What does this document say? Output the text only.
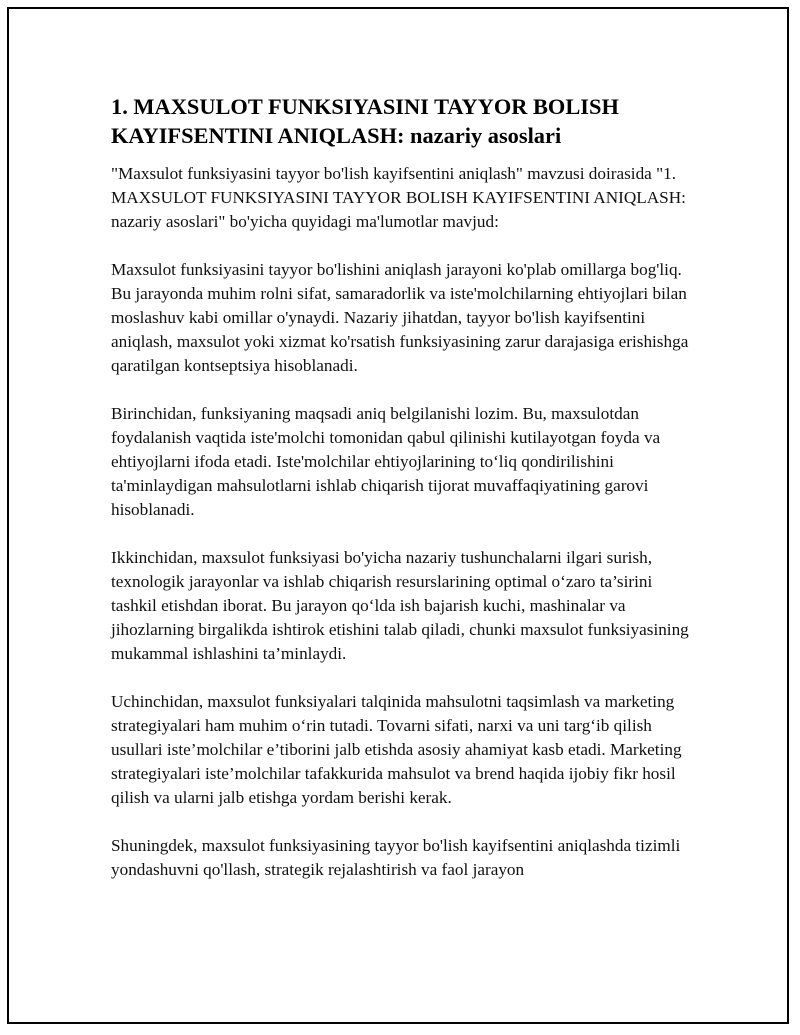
1. MAXSULOT FUNKSIYASINI TAYYOR BOLISH KAYIFSENTINI ANIQLASH: nazariy asoslari

"Maxsulot funksiyasini tayyor bo'lish kayifsentini aniqlash" mavzusi doirasida "1. MAXSULOT FUNKSIYASINI TAYYOR BOLISH KAYIFSENTINI ANIQLASH: nazariy asoslari" bo'yicha quyidagi ma'lumotlar mavjud:

Maxsulot funksiyasini tayyor bo'lishini aniqlash jarayoni ko'plab omillarga bog'liq. Bu jarayonda muhim rolni sifat, samaradorlik va iste'molchilarning ehtiyojlari bilan moslashuv kabi omillar o'ynaydi. Nazariy jihatdan, tayyor bo'lish kayifsentini aniqlash, maxsulot yoki xizmat ko'rsatish funksiyasining zarur darajasiga erishishga qaratilgan kontseptsiya hisoblanadi.

Birinchidan, funksiyaning maqsadi aniq belgilanishi lozim. Bu, maxsulotdan foydalanish vaqtida iste'molchi tomonidan qabul qilinishi kutilayotgan foyda va ehtiyojlarni ifoda etadi. Iste'molchilar ehtiyojlarining to‘liq qondirilishini ta'minlaydigan mahsulotlarni ishlab chiqarish tijorat muvaffaqiyatining garovi hisoblanadi.

Ikkinchidan, maxsulot funksiyasi bo'yicha nazariy tushunchalarni ilgari surish, texnologik jarayonlar va ishlab chiqarish resurslarining optimal o‘zaro ta’sirini tashkil etishdan iborat. Bu jarayon qo‘lda ish bajarish kuchi, mashinalar va jihozlarning birgalikda ishtirok etishini talab qiladi, chunki maxsulot funksiyasining mukammal ishlashini ta’minlaydi.

Uchinchidan, maxsulot funksiyalari talqinida mahsulotni taqsimlash va marketing strategiyalari ham muhim o‘rin tutadi. Tovarni sifati, narxi va uni targ‘ib qilish usullari iste’molchilar e’tiborini jalb etishda asosiy ahamiyat kasb etadi. Marketing strategiyalari iste’molchilar tafakkurida mahsulot va brend haqida ijobiy fikr hosil qilish va ularni jalb etishga yordam berishi kerak.

Shuningdek, maxsulot funksiyasining tayyor bo'lish kayifsentini aniqlashda tizimli yondashuvni qo'llash, strategik rejalashtirish va faol jarayon
